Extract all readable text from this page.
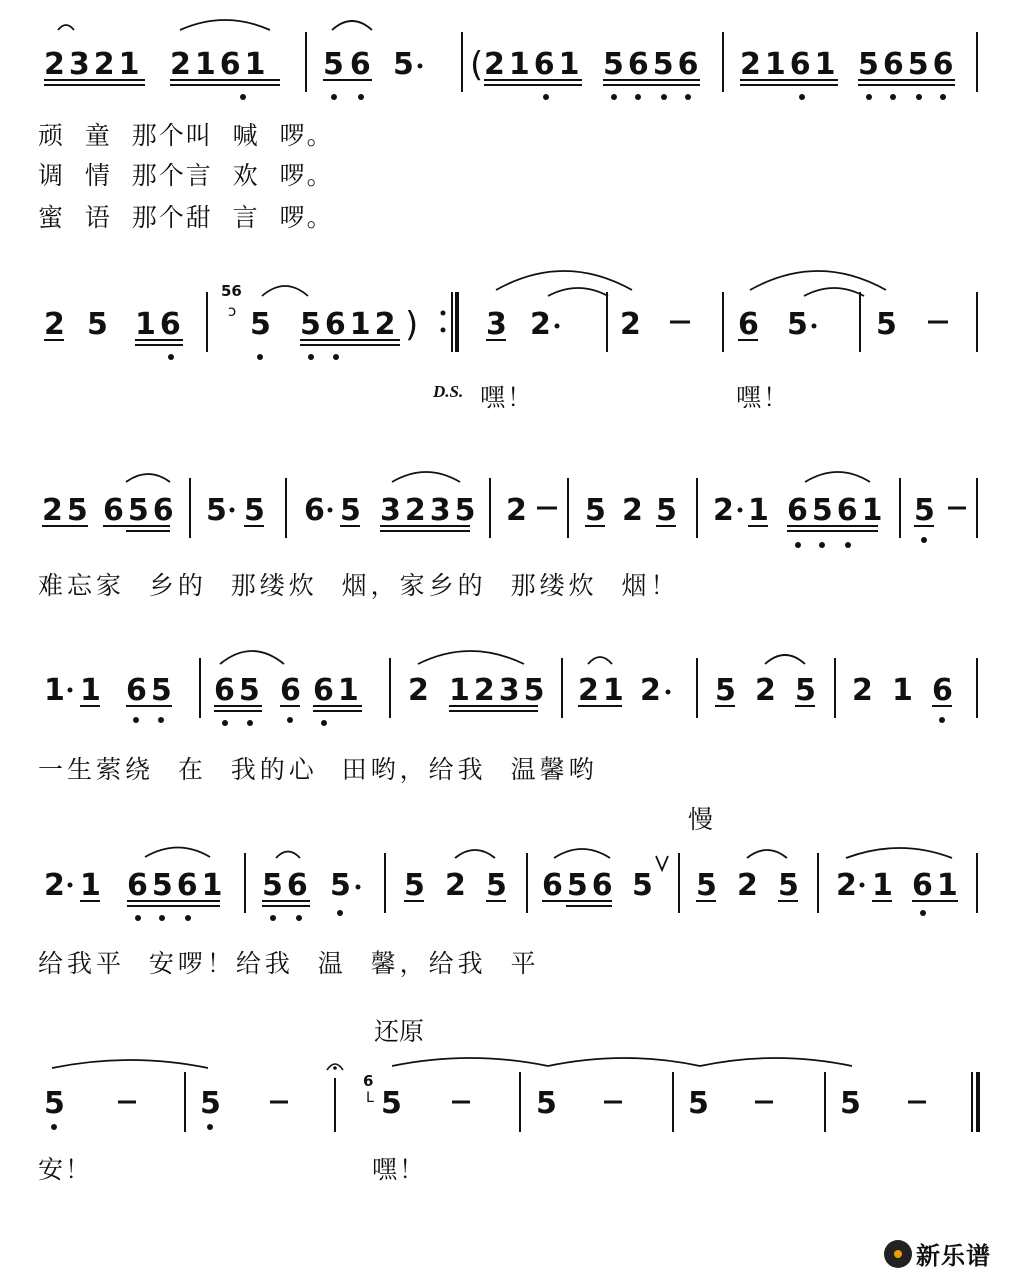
2321 2161 56 5 ( 2161 5656 2161 5656
2 5 16
56
ↄ 5 5612 ) 3 2 2	6 5 5
25 656 5 5 6 5 3235 2 5 2 5 2 1 6561 5
1 1 65 65 6 61 2 1235 21 2 5 2 5 2 1 6
2 1 6561 56 5 5 2 5 656 5 5 2 5 2 1 61
5	5
6
ᒪ 5	5	5	5
顽  童  那个叫  喊  啰。
调  情  那个言  欢  啰。
蜜  语  那个甜  言  啰。
D.S. 嘿！	嘿！
难忘家  乡的  那缕炊  烟，家乡的  那缕炊  烟！
一生萦绕  在  我的心  田哟，给我  温馨哟
慢
给我平  安啰！给我  温  馨，给我  平
还原
安！	嘿！
新乐谱
